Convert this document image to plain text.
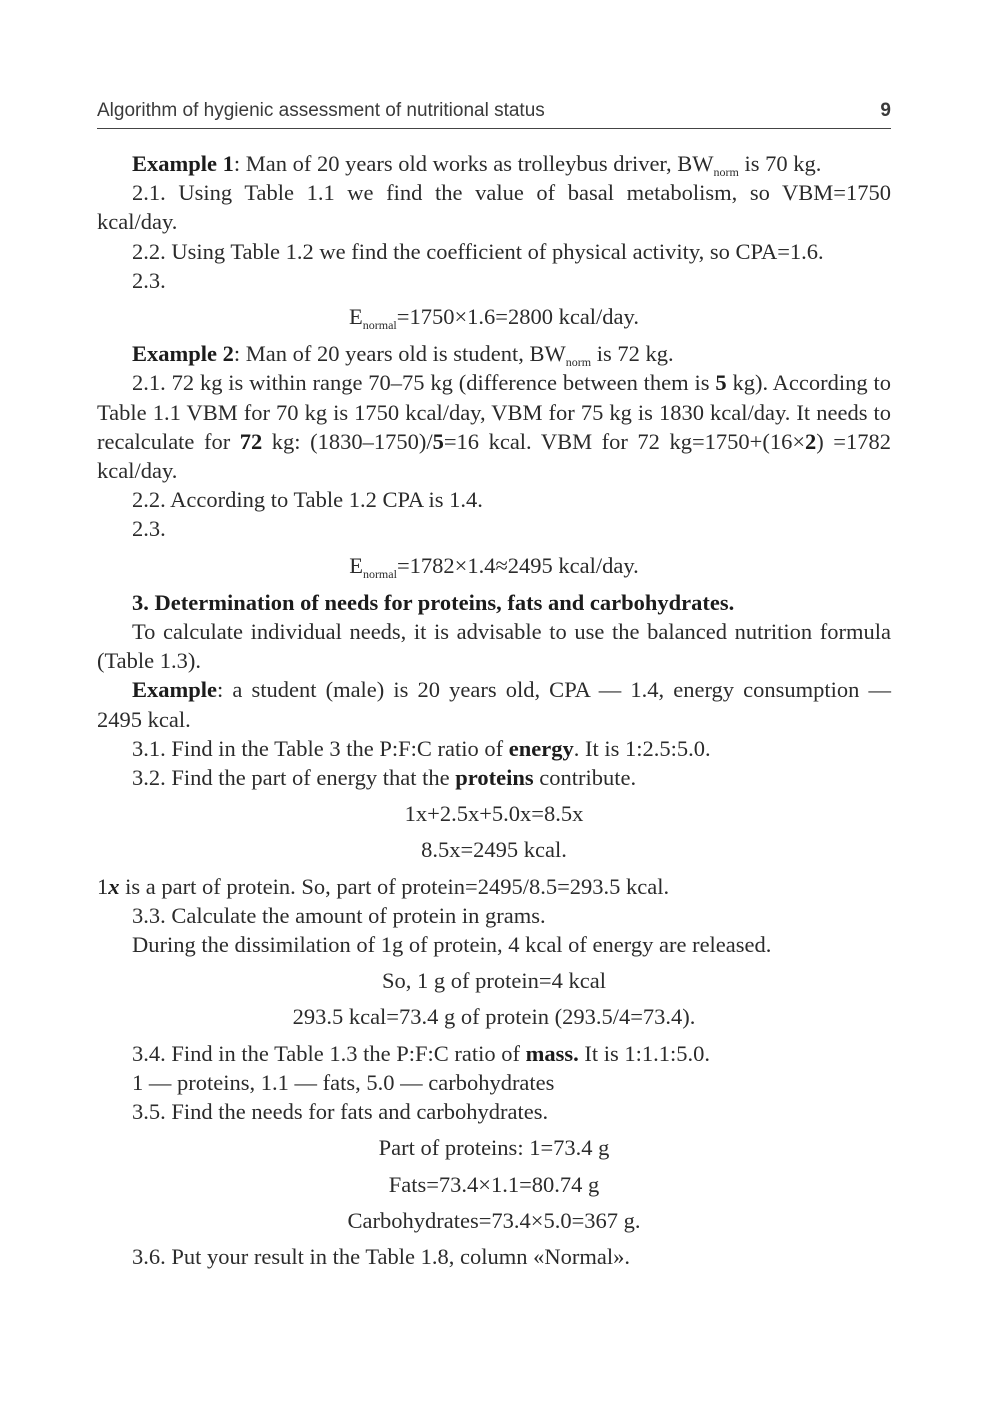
Algorithm of hygienic assessment of nutritional status	9

Example 1: Man of 20 years old works as trolleybus driver, $BW_{norm}$ is 70 kg.

2.1. Using Table 1.1 we find the value of basal metabolism, so VBM=1750 kcal/day.

2.2. Using Table 1.2 we find the coefficient of physical activity, so CPA=1.6.

2.3.

$E_{normal}=1750\times 1.6=2800$ kcal/day.

Example 2: Man of 20 years old is student, $BW_{norm}$ is 72 kg.

2.1. 72 kg is within range 70–75 kg (difference between them is 5 kg). According to Table 1.1 VBM for 70 kg is 1750 kcal/day, VBM for 75 kg is 1830 kcal/day. It needs to recalculate for 72 kg: (1830–1750)/5=16 kcal. VBM for 72 kg=1750+(16×2) =1782 kcal/day.

2.2. According to Table 1.2 CPA is 1.4.

2.3.

$E_{normal}=1782\times 1.4\approx 2495$ kcal/day.

3. Determination of needs for proteins, fats and carbohydrates.

To calculate individual needs, it is advisable to use the balanced nutrition formula (Table 1.3).

Example: a student (male) is 20 years old, CPA — 1.4, energy consumption — 2495 kcal.

3.1. Find in the Table 3 the P:F:C ratio of energy. It is 1:2.5:5.0.

3.2. Find the part of energy that the proteins contribute.

1x+2.5x+5.0x=8.5x
8.5x=2495 kcal.

1x is a part of protein. So, part of protein=2495/8.5=293.5 kcal.

3.3. Calculate the amount of protein in grams.

During the dissimilation of 1g of protein, 4 kcal of energy are released.

So, 1 g of protein=4 kcal
293.5 kcal=73.4 g of protein (293.5/4=73.4).

3.4. Find in the Table 1.3 the P:F:C ratio of mass. It is 1:1.1:5.0.

1 — proteins, 1.1 — fats, 5.0 — carbohydrates

3.5. Find the needs for fats and carbohydrates.

Part of proteins: 1=73.4 g
Fats=73.4×1.1=80.74 g
Carbohydrates=73.4×5.0=367 g.

3.6. Put your result in the Table 1.8, column «Normal».
